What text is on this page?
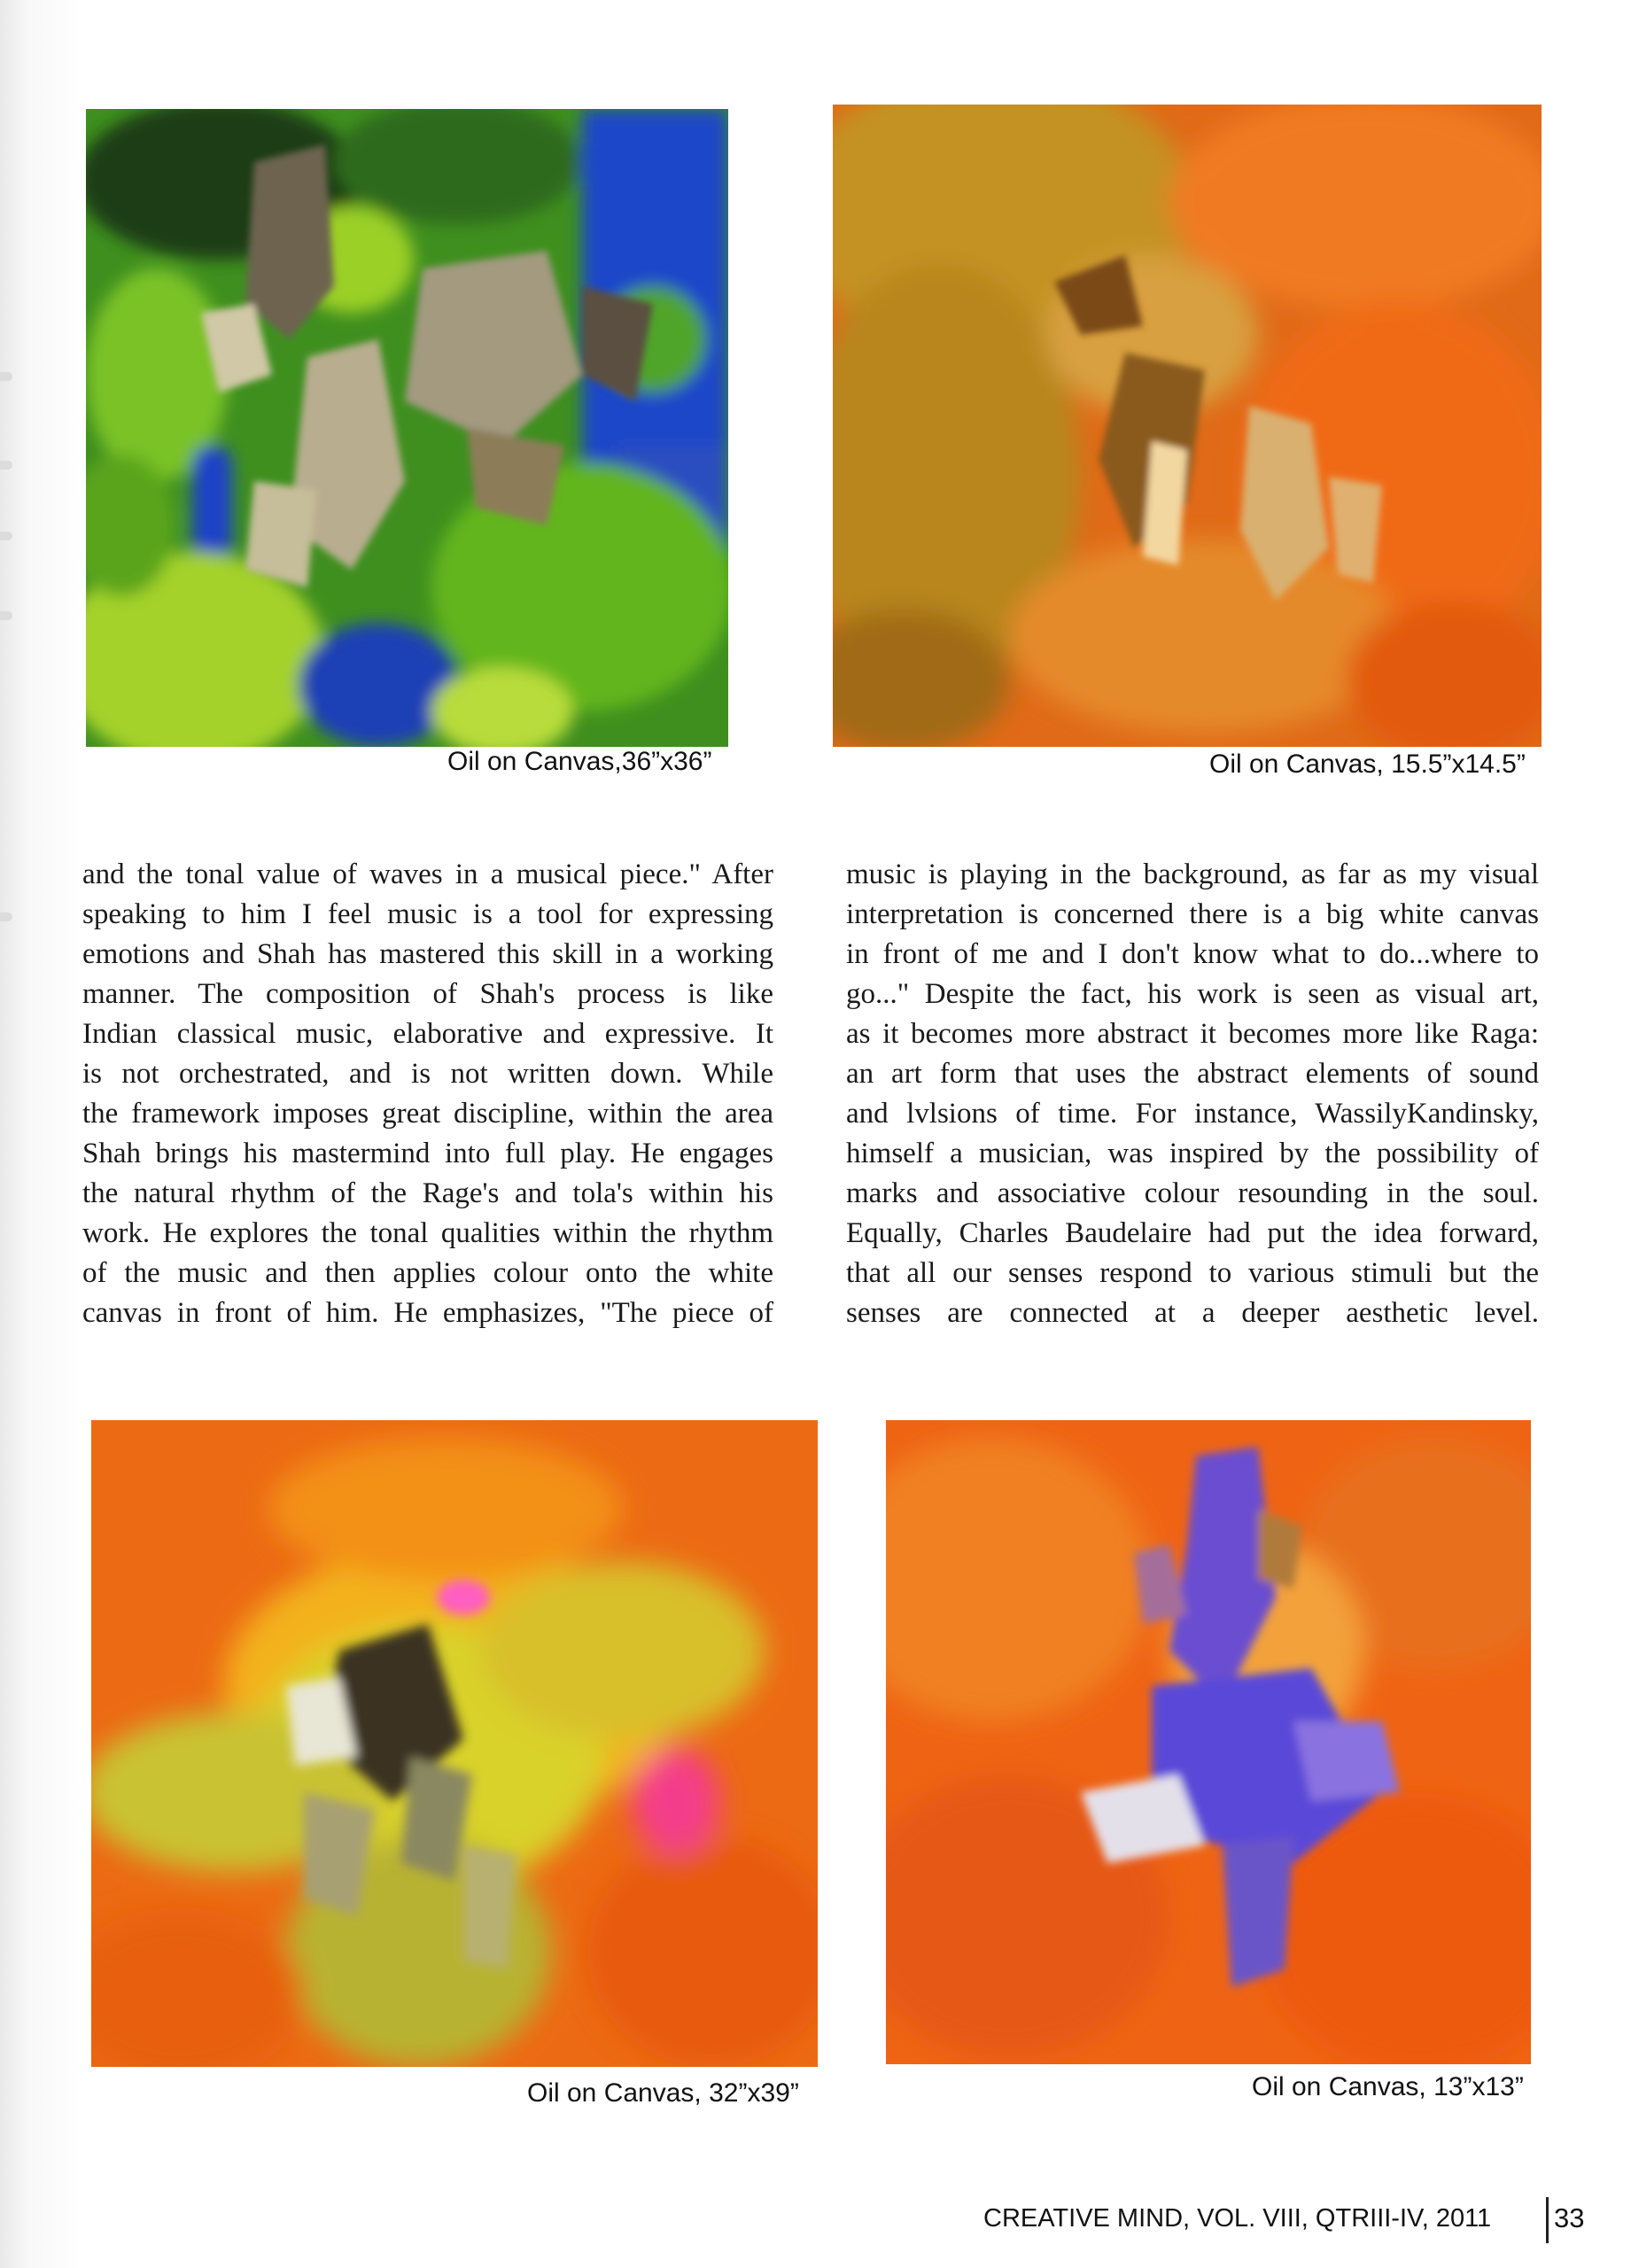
Oil on Canvas,36”x36”	Oil on Canvas, 15.5”x14.5”
and the tonal value of waves in a musical piece." After
speaking to him I feel music is a tool for expressing
emotions and Shah has mastered this skill in a working
manner. The composition of Shah's process is like
Indian classical music, elaborative and expressive. It
is not orchestrated, and is not written down. While
the framework imposes great discipline, within the area
Shah brings his mastermind into full play. He engages
the natural rhythm of the Rage's and tola's within his
work. He explores the tonal qualities within the rhythm
of the music and then applies colour onto the white
canvas in front of him. He emphasizes, "The piece of
music is playing in the background, as far as my visual
interpretation is concerned there is a big white canvas
in front of me and I don't know what to do...where to
go..." Despite the fact, his work is seen as visual art,
as it becomes more abstract it becomes more like Raga:
an art form that uses the abstract elements of sound
and lvlsions of time. For instance, WassilyKandinsky,
himself a musician, was inspired by the possibility of
marks and associative colour resounding in the soul.
Equally, Charles Baudelaire had put the idea forward,
that all our senses respond to various stimuli but the
senses are connected at a deeper aesthetic level.
Oil on Canvas, 32”x39”	Oil on Canvas, 13”x13”
CREATIVE MIND, VOL. VIII, QTRIII-IV, 2011 33
